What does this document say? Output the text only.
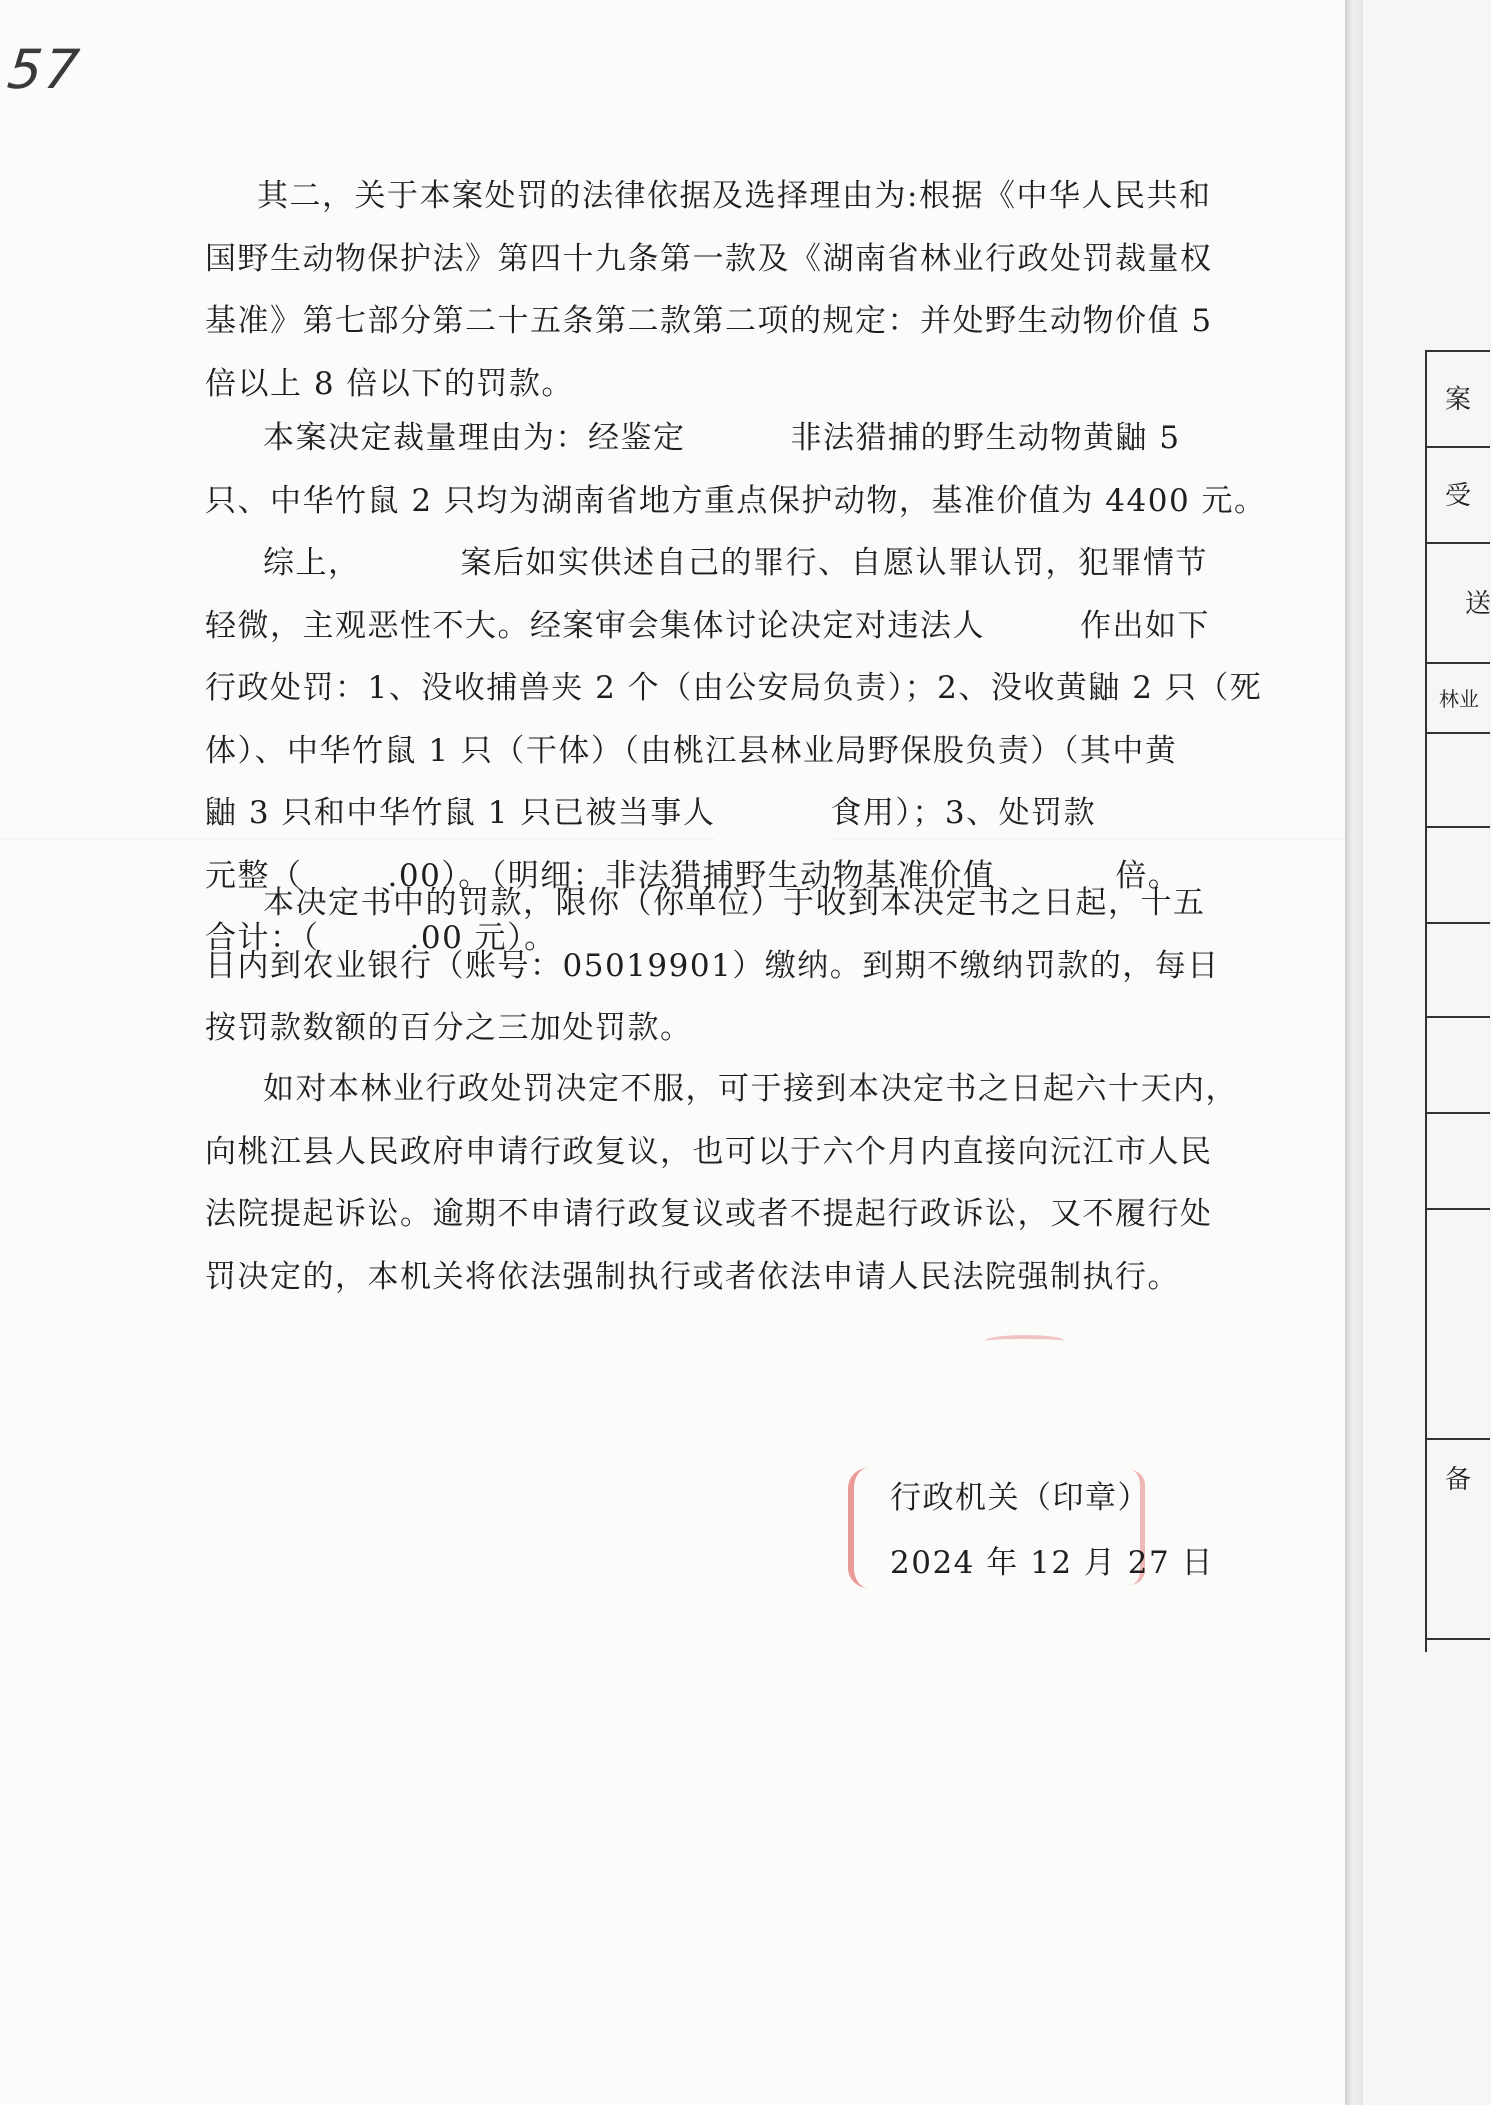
57

其二，关于本案处罚的法律依据及选择理由为:根据《中华人民共和
国野生动物保护法》第四十九条第一款及《湖南省林业行政处罚裁量权
基准》第七部分第二十五条第二款第二项的规定：并处野生动物价值 5
倍以上 8 倍以下的罚款。

本案决定裁量理由为：经鉴定	非法猎捕的野生动物黄鼬 5
只、中华竹鼠 2 只均为湖南省地方重点保护动物，基准价值为 4400 元。

综上，	案后如实供述自己的罪行、自愿认罪认罚，犯罪情节
轻微，主观恶性不大。经案审会集体讨论决定对违法人	作出如下
行政处罚：1、没收捕兽夹 2 个（由公安局负责）；2、没收黄鼬 2 只（死
体）、中华竹鼠 1 只（干体）（由桃江县林业局野保股负责）（其中黄
鼬 3 只和中华竹鼠 1 只已被当事人	食用）；3、处罚款
元整（	.00）。（明细：非法猎捕野生动物基准价值	倍。
合计：（	.00 元）。

本决定书中的罚款，限你（你单位）于收到本决定书之日起，十五
日内到农业银行（账号：05019901）缴纳。到期不缴纳罚款的，每日
按罚款数额的百分之三加处罚款。

如对本林业行政处罚决定不服，可于接到本决定书之日起六十天内，
向桃江县人民政府申请行政复议，也可以于六个月内直接向沅江市人民
法院提起诉讼。逾期不申请行政复议或者不提起行政诉讼，又不履行处
罚决定的，本机关将依法强制执行或者依法申请人民法院强制执行。

行政机关（印章）
2024 年 12 月 27 日
案
受
送
林业
备
